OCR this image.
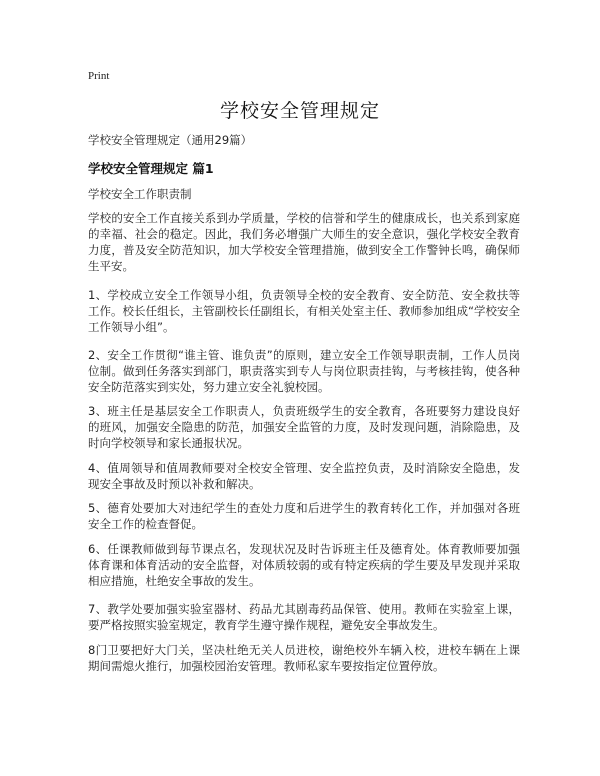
Print
学校安全管理规定
学校安全管理规定（通用29篇）
学校安全管理规定 篇1
学校安全工作职责制

学校的安全工作直接关系到办学质量，学校的信誉和学生的健康成长，也关系到家庭的幸福、社会的稳定。因此，我们务必增强广大师生的安全意识，强化学校安全教育力度，普及安全防范知识，加大学校安全管理措施，做到安全工作警钟长鸣，确保师生平安。

1、学校成立安全工作领导小组，负责领导全校的安全教育、安全防范、安全救扶等工作。校长任组长，主管副校长任副组长，有相关处室主任、教师参加组成“学校安全工作领导小组”。

2、安全工作贯彻“谁主管、谁负责”的原则，建立安全工作领导职责制，工作人员岗位制。做到任务落实到部门，职责落实到专人与岗位职责挂钩，与考核挂钩，使各种安全防范落实到实处，努力建立安全礼貌校园。

3、班主任是基层安全工作职责人，负责班级学生的安全教育，各班要努力建设良好的班风，加强安全隐患的防范，加强安全监管的力度，及时发现问题，消除隐患，及时向学校领导和家长通报状况。

4、值周领导和值周教师要对全校安全管理、安全监控负责，及时消除安全隐患，发现安全事故及时预以补救和解决。

5、德育处要加大对违纪学生的查处力度和后进学生的教育转化工作，并加强对各班安全工作的检查督促。

6、任课教师做到每节课点名，发现状况及时告诉班主任及德育处。体育教师要加强体育课和体育活动的安全监督，对体质较弱的或有特定疾病的学生要及早发现并采取相应措施，杜绝安全事故的发生。

7、教学处要加强实验室器材、药品尤其剧毒药品保管、使用。教师在实验室上课，要严格按照实验室规定，教育学生遵守操作规程，避免安全事故发生。

8门卫要把好大门关，坚决杜绝无关人员进校，谢绝校外车辆入校，进校车辆在上课期间需熄火推行，加强校园治安管理。教师私家车要按指定位置停放。
